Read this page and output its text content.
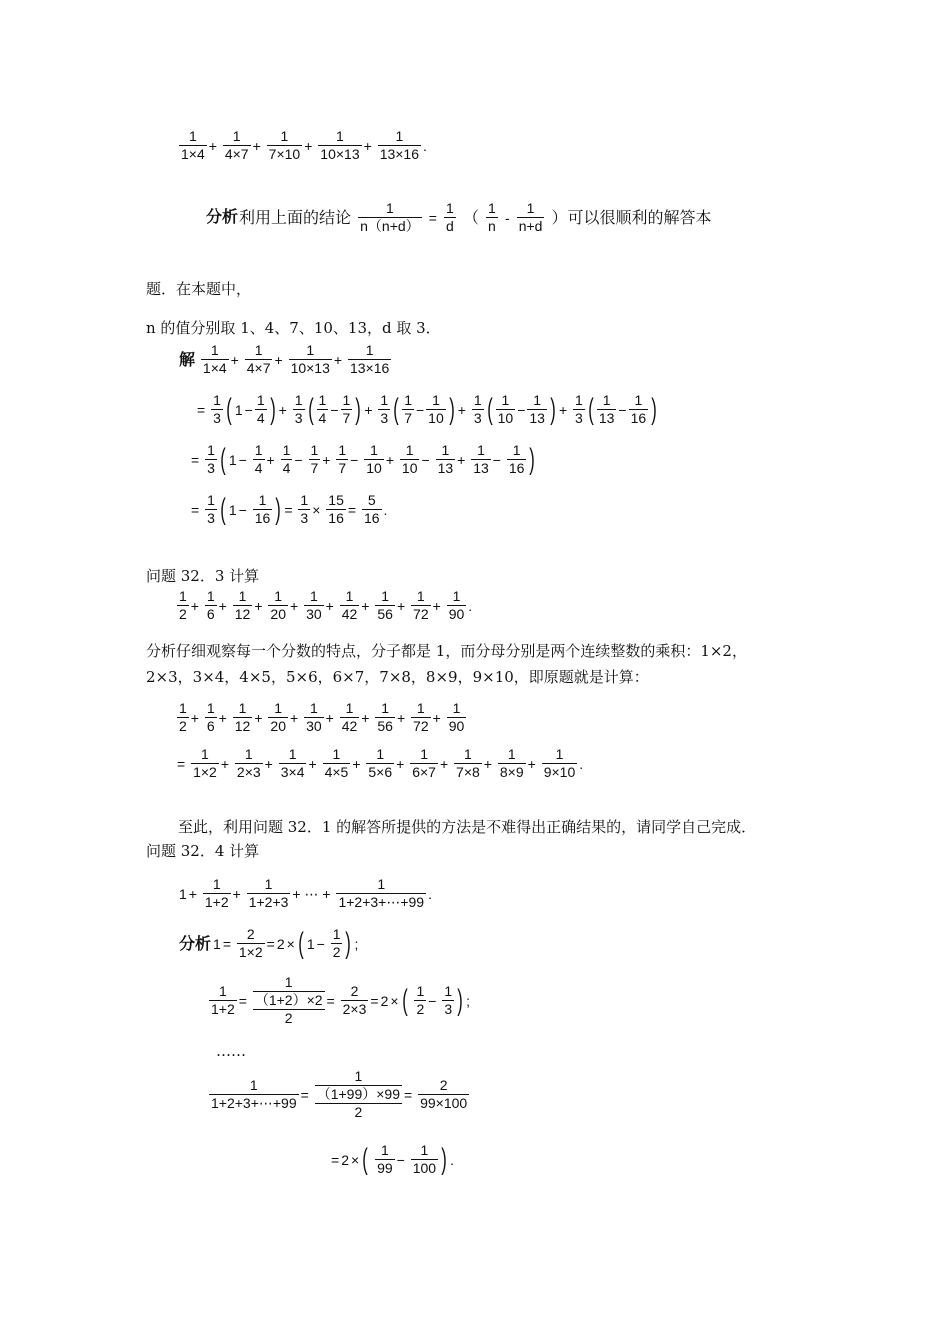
$\frac{1}{1\times 4} + \frac{1}{4\times 7} + \frac{1}{7\times 10} + \frac{1}{10\times 13} + \frac{1}{13\times 16}$ .
分析利用上面的结论 $\frac{1}{n(n+d)} = \frac{1}{d}$ （ $\frac{1}{n} - \frac{1}{n+d}$ ）可以很顺利的解答本
题．在本题中，
n 的值分别取 1、4、7、10、13，d 取 3．
解 $\frac{1}{1\times 4} + \frac{1}{4\times 7} + \frac{1}{10\times 13} + \frac{1}{13\times 16}$
= $\frac{1}{3}$ ( $1 - \frac{1}{4}$ ) + $\frac{1}{3}$ ( $\frac{1}{4} - \frac{1}{7}$ ) + $\frac{1}{3}$ ( $\frac{1}{7} - \frac{1}{10}$ ) + $\frac{1}{3}$ ( $\frac{1}{10} - \frac{1}{13}$ ) + $\frac{1}{3}$ ( $\frac{1}{13} - \frac{1}{16}$ )
= $\frac{1}{3}$ ( $1 - \frac{1}{4} + \frac{1}{4} - \frac{1}{7} + \frac{1}{7} - \frac{1}{10} + \frac{1}{10} - \frac{1}{13} + \frac{1}{13} - \frac{1}{16}$ )
= $\frac{1}{3}$ ( $1 - \frac{1}{16}$ ) = $\frac{1}{3} \times \frac{15}{16} = \frac{5}{16}$ .
问题 32．3 计算
$\frac{1}{2} + \frac{1}{6} + \frac{1}{12} + \frac{1}{20} + \frac{1}{30} + \frac{1}{42} + \frac{1}{56} + \frac{1}{72} + \frac{1}{90}$ .
分析仔细观察每一个分数的特点，分子都是 1，而分母分别是两个连续整数的乘积：1×2，
2×3，3×4，4×5，5×6，6×7，7×8，8×9，9×10，即原题就是计算：
$\frac{1}{2} + \frac{1}{6} + \frac{1}{12} + \frac{1}{20} + \frac{1}{30} + \frac{1}{42} + \frac{1}{56} + \frac{1}{72} + \frac{1}{90}$
= $\frac{1}{1\times 2} + \frac{1}{2\times 3} + \frac{1}{3\times 4} + \frac{1}{4\times 5} + \frac{1}{5\times 6} + \frac{1}{6\times 7} + \frac{1}{7\times 8} + \frac{1}{8\times 9} + \frac{1}{9\times 10}$ .
至此，利用问题 32．1 的解答所提供的方法是不难得出正确结果的，请同学自己完成．
问题 32．4 计算
$1 + \frac{1}{1+2} + \frac{1}{1+2+3}$ + ⋯ + $\frac{1}{1+2+3+\cdots+99}$ .
分析 $1 = \frac{2}{1\times 2} = 2$ × ( $1 - \frac{1}{2}$ ) ;
$\frac{1}{1+2}$ =
1
（1+2）×2
2
= $\frac{2}{2\times 3} = 2$ × ( $\frac{1}{2} - \frac{1}{3}$ ) ;
……
$\frac{1}{1+2+3+\cdots+99}$ =
1
（1+99）×99
2
= $\frac{2}{99\times 100}$
= 2 × ( $\frac{1}{99} - \frac{1}{100}$ ) .
